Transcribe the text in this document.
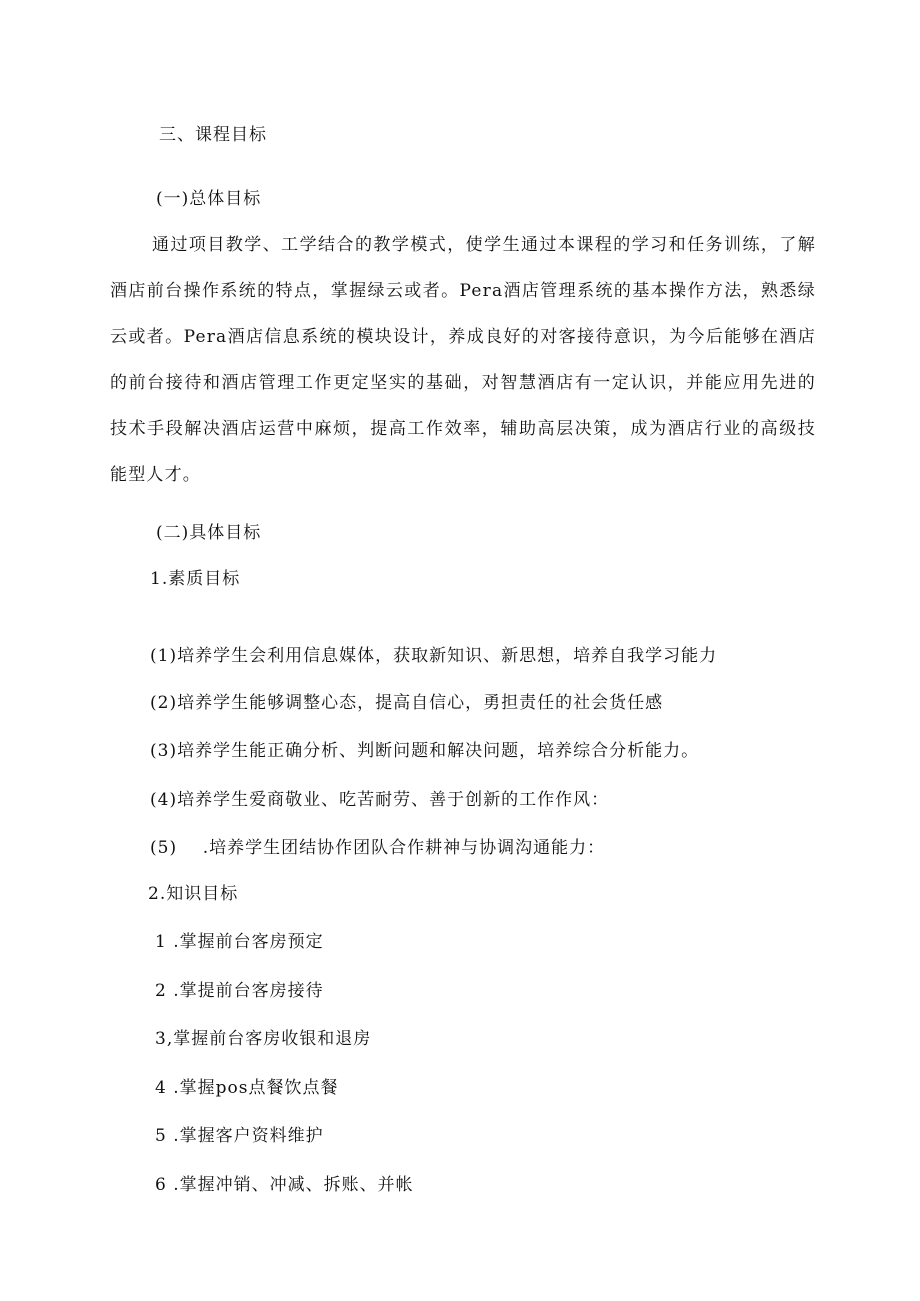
三、课程目标
(一)总体目标
通过项目教学、工学结合的教学模式，使学生通过本课程的学习和任务训练，了解酒店前台操作系统的特点，掌握绿云或者。Pera酒店管理系统的基本操作方法，熟悉绿云或者。Pera酒店信息系统的模块设计，养成良好的对客接待意识，为今后能够在酒店的前台接待和酒店管理工作更定坚实的基础，对智慧酒店有一定认识，并能应用先进的技术手段解决酒店运营中麻烦，提高工作效率，辅助高层决策，成为酒店行业的高级技能型人才。
(二)具体目标
1.素质目标
(1)培养学生会利用信息媒体，获取新知识、新思想，培养自我学习能力
(2)培养学生能够调整心态，提高自信心，勇担责任的社会货任感
(3)培养学生能正确分析、判断问题和解决问题，培养综合分析能力。
(4)培养学生爱商敬业、吃苦耐劳、善于创新的工作作风：
(5)    .培养学生团结协作团队合作耕神与协调沟通能力：
2.知识目标
1 .掌握前台客房预定
2 .掌提前台客房接待
3,掌握前台客房收银和退房
4 .掌握pos点餐饮点餐
5 .掌握客户资料维护
6 .掌握冲销、冲减、拆账、并帐
